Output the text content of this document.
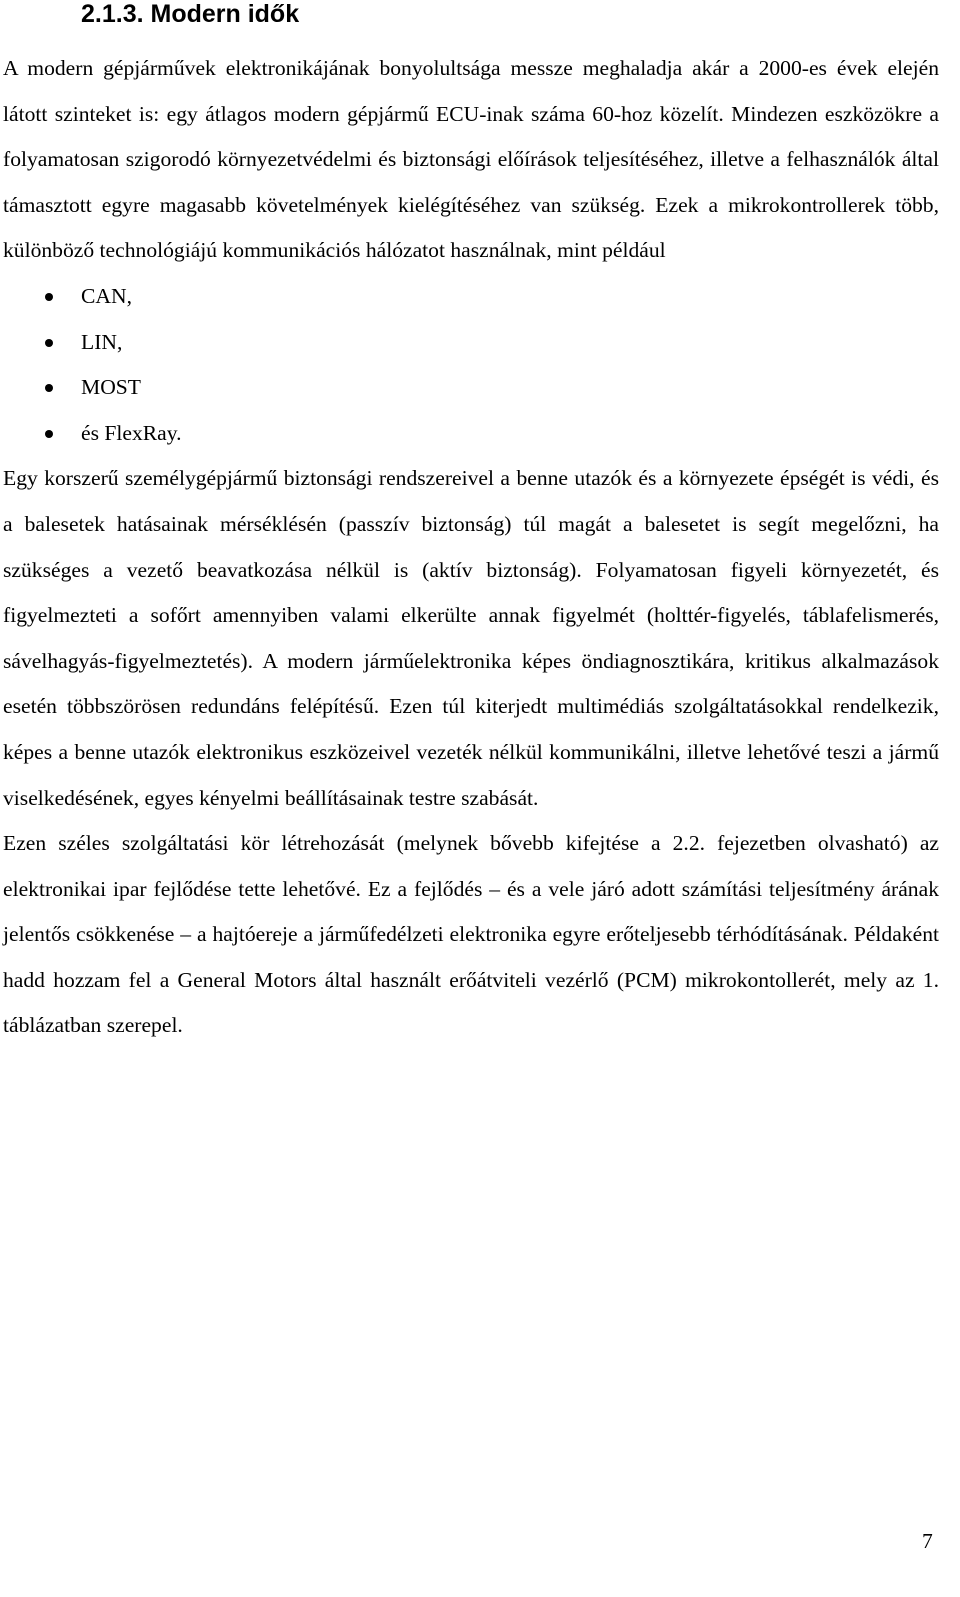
2.1.3. Modern idők

A modern gépjárművek elektronikájának bonyolultsága messze meghaladja akár a 2000-es évek elején látott szinteket is: egy átlagos modern gépjármű ECU-inak száma 60-hoz közelít. Mindezen eszközökre a folyamatosan szigorodó környezetvédelmi és biztonsági előírások teljesítéséhez, illetve a felhasználók által támasztott egyre magasabb követelmények kielégítéséhez van szükség. Ezek a mikrokontrollerek több, különböző technológiájú kommunikációs hálózatot használnak, mint például

CAN,
LIN,
MOST
és FlexRay.

Egy korszerű személygépjármű biztonsági rendszereivel a benne utazók és a környezete épségét is védi, és a balesetek hatásainak mérséklésén (passzív biztonság) túl magát a balesetet is segít megelőzni, ha szükséges a vezető beavatkozása nélkül is (aktív biztonság). Folyamatosan figyeli környezetét, és figyelmezteti a sofőrt amennyiben valami elkerülte annak figyelmét (holttér-figyelés, táblafelismerés, sávelhagyás-figyelmeztetés). A modern járműelektronika képes öndiagnosztikára, kritikus alkalmazások esetén többszörösen redundáns felépítésű. Ezen túl kiterjedt multimédiás szolgáltatásokkal rendelkezik, képes a benne utazók elektronikus eszközeivel vezeték nélkül kommunikálni, illetve lehetővé teszi a jármű viselkedésének, egyes kényelmi beállításainak testre szabását.

Ezen széles szolgáltatási kör létrehozását (melynek bővebb kifejtése a 2.2. fejezetben olvasható) az elektronikai ipar fejlődése tette lehetővé. Ez a fejlődés – és a vele járó adott számítási teljesítmény árának jelentős csökkenése – a hajtóereje a járműfedélzeti elektronika egyre erőteljesebb térhódításának. Példaként hadd hozzam fel a General Motors által használt erőátviteli vezérlő (PCM) mikrokontollerét, mely az 1. táblázatban szerepel.

7
